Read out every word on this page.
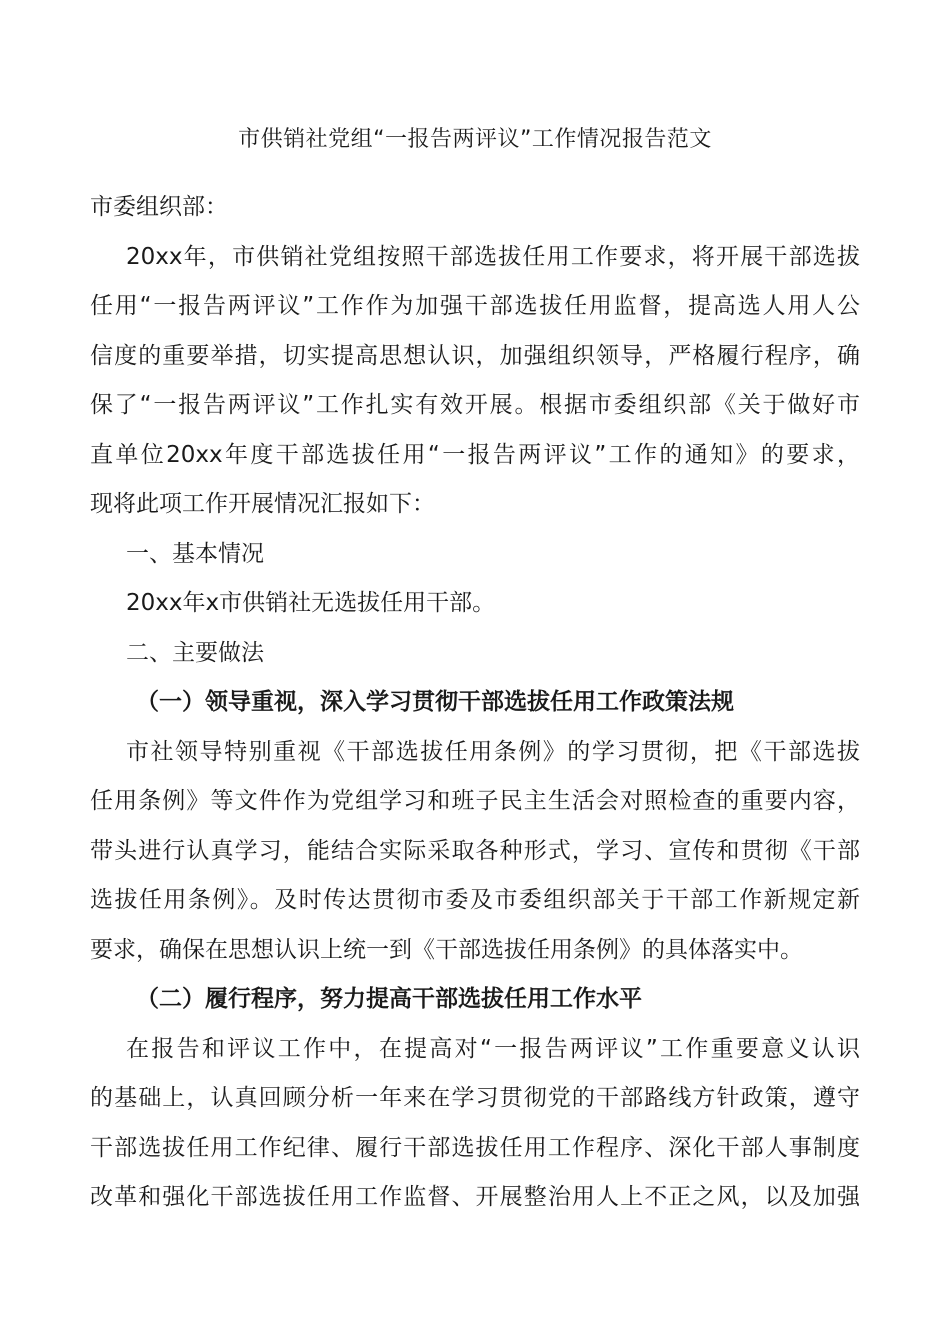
市供销社党组“一报告两评议”工作情况报告范文
市委组织部：
20xx年，市供销社党组按照干部选拔任用工作要求，将开展干部选拔
任用“一报告两评议”工作作为加强干部选拔任用监督，提高选人用人公
信度的重要举措，切实提高思想认识，加强组织领导，严格履行程序，确
保了“一报告两评议”工作扎实有效开展。根据市委组织部《关于做好市
直单位20xx年度干部选拔任用“一报告两评议”工作的通知》的要求，
现将此项工作开展情况汇报如下：
一、基本情况
20xx年x市供销社无选拔任用干部。
二、主要做法
（一）领导重视，深入学习贯彻干部选拔任用工作政策法规
市社领导特别重视《干部选拔任用条例》的学习贯彻，把《干部选拔
任用条例》等文件作为党组学习和班子民主生活会对照检查的重要内容，
带头进行认真学习，能结合实际采取各种形式，学习、宣传和贯彻《干部
选拔任用条例》。及时传达贯彻市委及市委组织部关于干部工作新规定新
要求，确保在思想认识上统一到《干部选拔任用条例》的具体落实中。
（二）履行程序，努力提高干部选拔任用工作水平
在报告和评议工作中，在提高对“一报告两评议”工作重要意义认识
的基础上，认真回顾分析一年来在学习贯彻党的干部路线方针政策，遵守
干部选拔任用工作纪律、履行干部选拔任用工作程序、深化干部人事制度
改革和强化干部选拔任用工作监督、开展整治用人上不正之风，以及加强
